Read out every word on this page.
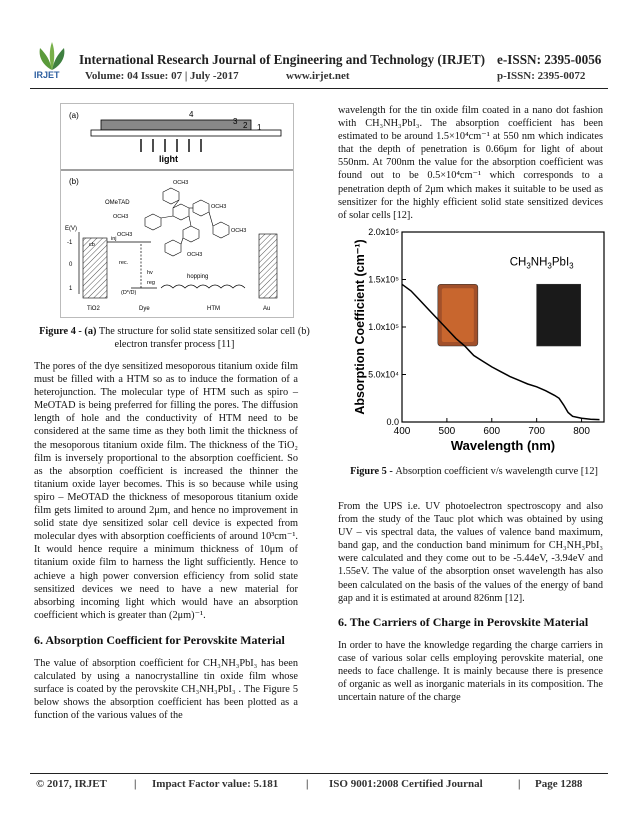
IRJET
International Research Journal of Engineering and Technology (IRJET) e-ISSN: 2395-0056
Volume: 04 Issue: 07 | July -2017	www.irjet.net	p-ISSN: 2395-0072
(a)	4
3 2 1
light
(b)
OMeTAD
OCH3
OCH3
OCH3
OCH3
OCH3
OCH3
E(V)
-1
0
1
cb
inj
rec.
hv
reg
hopping
(D*/D)
TiO2	Dye	HTM	Au
Figure 4 - (a) The structure for solid state sensitized solar cell (b) electron transfer process [11]

The pores of the dye sensitized mesoporous titanium oxide film must be filled with a HTM so as to induce the formation of a heterojunction. The molecular type of HTM such as spiro – MeOTAD is being preferred for filling the pores. The diffusion length of hole and the conductivity of HTM need to be considered at the same time as they both limit the thickness of the mesoporous titanium oxide film. The thickness of the TiO₂ film is inversely proportional to the absorption coefficient. So as the absorption coefficient is increased the thinner the titanium oxide layer becomes. This is so because while using spiro – MeOTAD the thickness of mesoporous titanium oxide film gets limited to around 2μm, and hence no improvement in solid state dye sensitized solar cell device is expected from molecular dyes with absorption coefficients of around 10³cm⁻¹. It would hence require a minimum thickness of 10μm of titanium oxide film to harness the light sufficiently. Hence to achieve a high power conversion efficiency from solid state sensitized devices we need to have a new material for absorbing incoming light which would have an absorption coefficient which is greater than (2μm)⁻¹.

6. Absorption Coefficient for Perovskite Material

The value of absorption coefficient for CH₃NH₃PbI₃ has been calculated by using a nanocrystalline tin oxide film whose surface is coated by the perovskite CH₃NH₃PbI₃ . The Figure 5 below shows the absorption coefficient has been plotted as a function of the various values of the

wavelength for the tin oxide film coated in a nano dot fashion with CH₃NH₃PbI₃. The absorption coefficient has been estimated to be around 1.5×10⁴cm⁻¹ at 550 nm which indicates that the depth of penetration is 0.66μm for light of about 550nm. At 700nm the value for the absorption coefficient was found out to be 0.5×10⁴cm⁻¹ which corresponds to a penetration depth of 2μm which makes it suitable to be used as sensitizer for the highly efficient solid state sensitized devices of solar cells [12].

$CH_3NH_3PbI_3$
400	500	600	700	800
0.0
5.0x10⁴
1.0x10⁵
1.5x10⁵
2.0x10⁵
Wavelength (nm)
Absorption Coefficient (cm⁻¹)
Figure 5 - Absorption coefficient v/s wavelength curve [12]

From the UPS i.e. UV photoelectron spectroscopy and also from the study of the Tauc plot which was obtained by using UV – vis spectral data, the values of valence band maximum, band gap, and the conduction band minimum for CH₃NH₃PbI₃ were calculated and they come out to be -5.44eV, -3.94eV and 1.55eV. The value of the absorption onset wavelength has also been calculated on the basis of the values of the energy of band gap and it is estimated at around 826nm [12].

6. The Carriers of Charge in Perovskite Material

In order to have the knowledge regarding the charge carriers in case of various solar cells employing perovskite material, one needs to face challenge. It is mainly because there is presence of organic as well as inorganic materials in its composition. The uncertain nature of the charge

© 2017, IRJET | Impact Factor value: 5.181	| ISO 9001:2008 Certified Journal	| Page 1288
